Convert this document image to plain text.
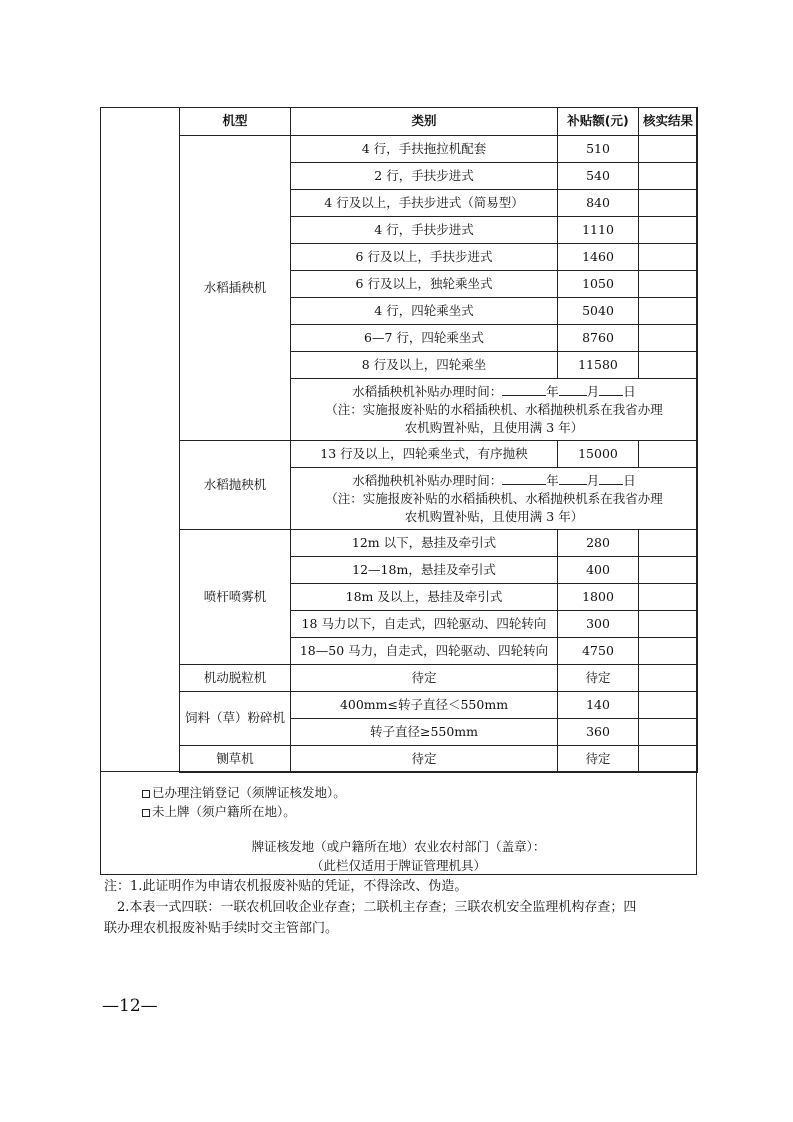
机型	类别	补贴额(元)	核实结果
水稻插秧机	4 行，手扶拖拉机配套	510	
	2 行，手扶步进式	540	
	4 行及以上，手扶步进式（简易型）	840	
	4 行，手扶步进式	1110	
	6 行及以上，手扶步进式	1460	
	6 行及以上，独轮乘坐式	1050	
	4 行，四轮乘坐式	5040	
	6—7 行，四轮乘坐式	8760	
	8 行及以上，四轮乘坐	11580	

	水稻插秧机补贴办理时间： 年 月 日
（注：实施报废补贴的水稻插秧机、水稻抛秧机系在我省办理
农机购置补贴，且使用满 3 年）		

水稻抛秧机	13 行及以上，四轮乘坐式，有序抛秧	15000	

	水稻抛秧机补贴办理时间： 年 月 日
（注：实施报废补贴的水稻插秧机、水稻抛秧机系在我省办理
农机购置补贴，且使用满 3 年）		

喷杆喷雾机	12m 以下，悬挂及牵引式	280	
	12—18m，悬挂及牵引式	400	
	18m 及以上，悬挂及牵引式	1800	
	18 马力以下，自走式，四轮驱动、四轮转向	300	
	18—50 马力，自走式，四轮驱动、四轮转向	4750	
机动脱粒机	待定	待定	
饲料（草）粉碎机	400mm≤转子直径＜550mm	140	
	转子直径≥550mm	360	
铡草机	待定	待定	
已办理注销登记（须牌证核发地）。
未上牌（须户籍所在地）。
牌证核发地（或户籍所在地）农业农村部门（盖章）：
（此栏仅适用于牌证管理机具）
注：1.此证明作为申请农机报废补贴的凭证，不得涂改、伪造。
2.本表一式四联：一联农机回收企业存查；二联机主存查；三联农机安全监理机构存查；四
联办理农机报废补贴手续时交主管部门。
—12—
